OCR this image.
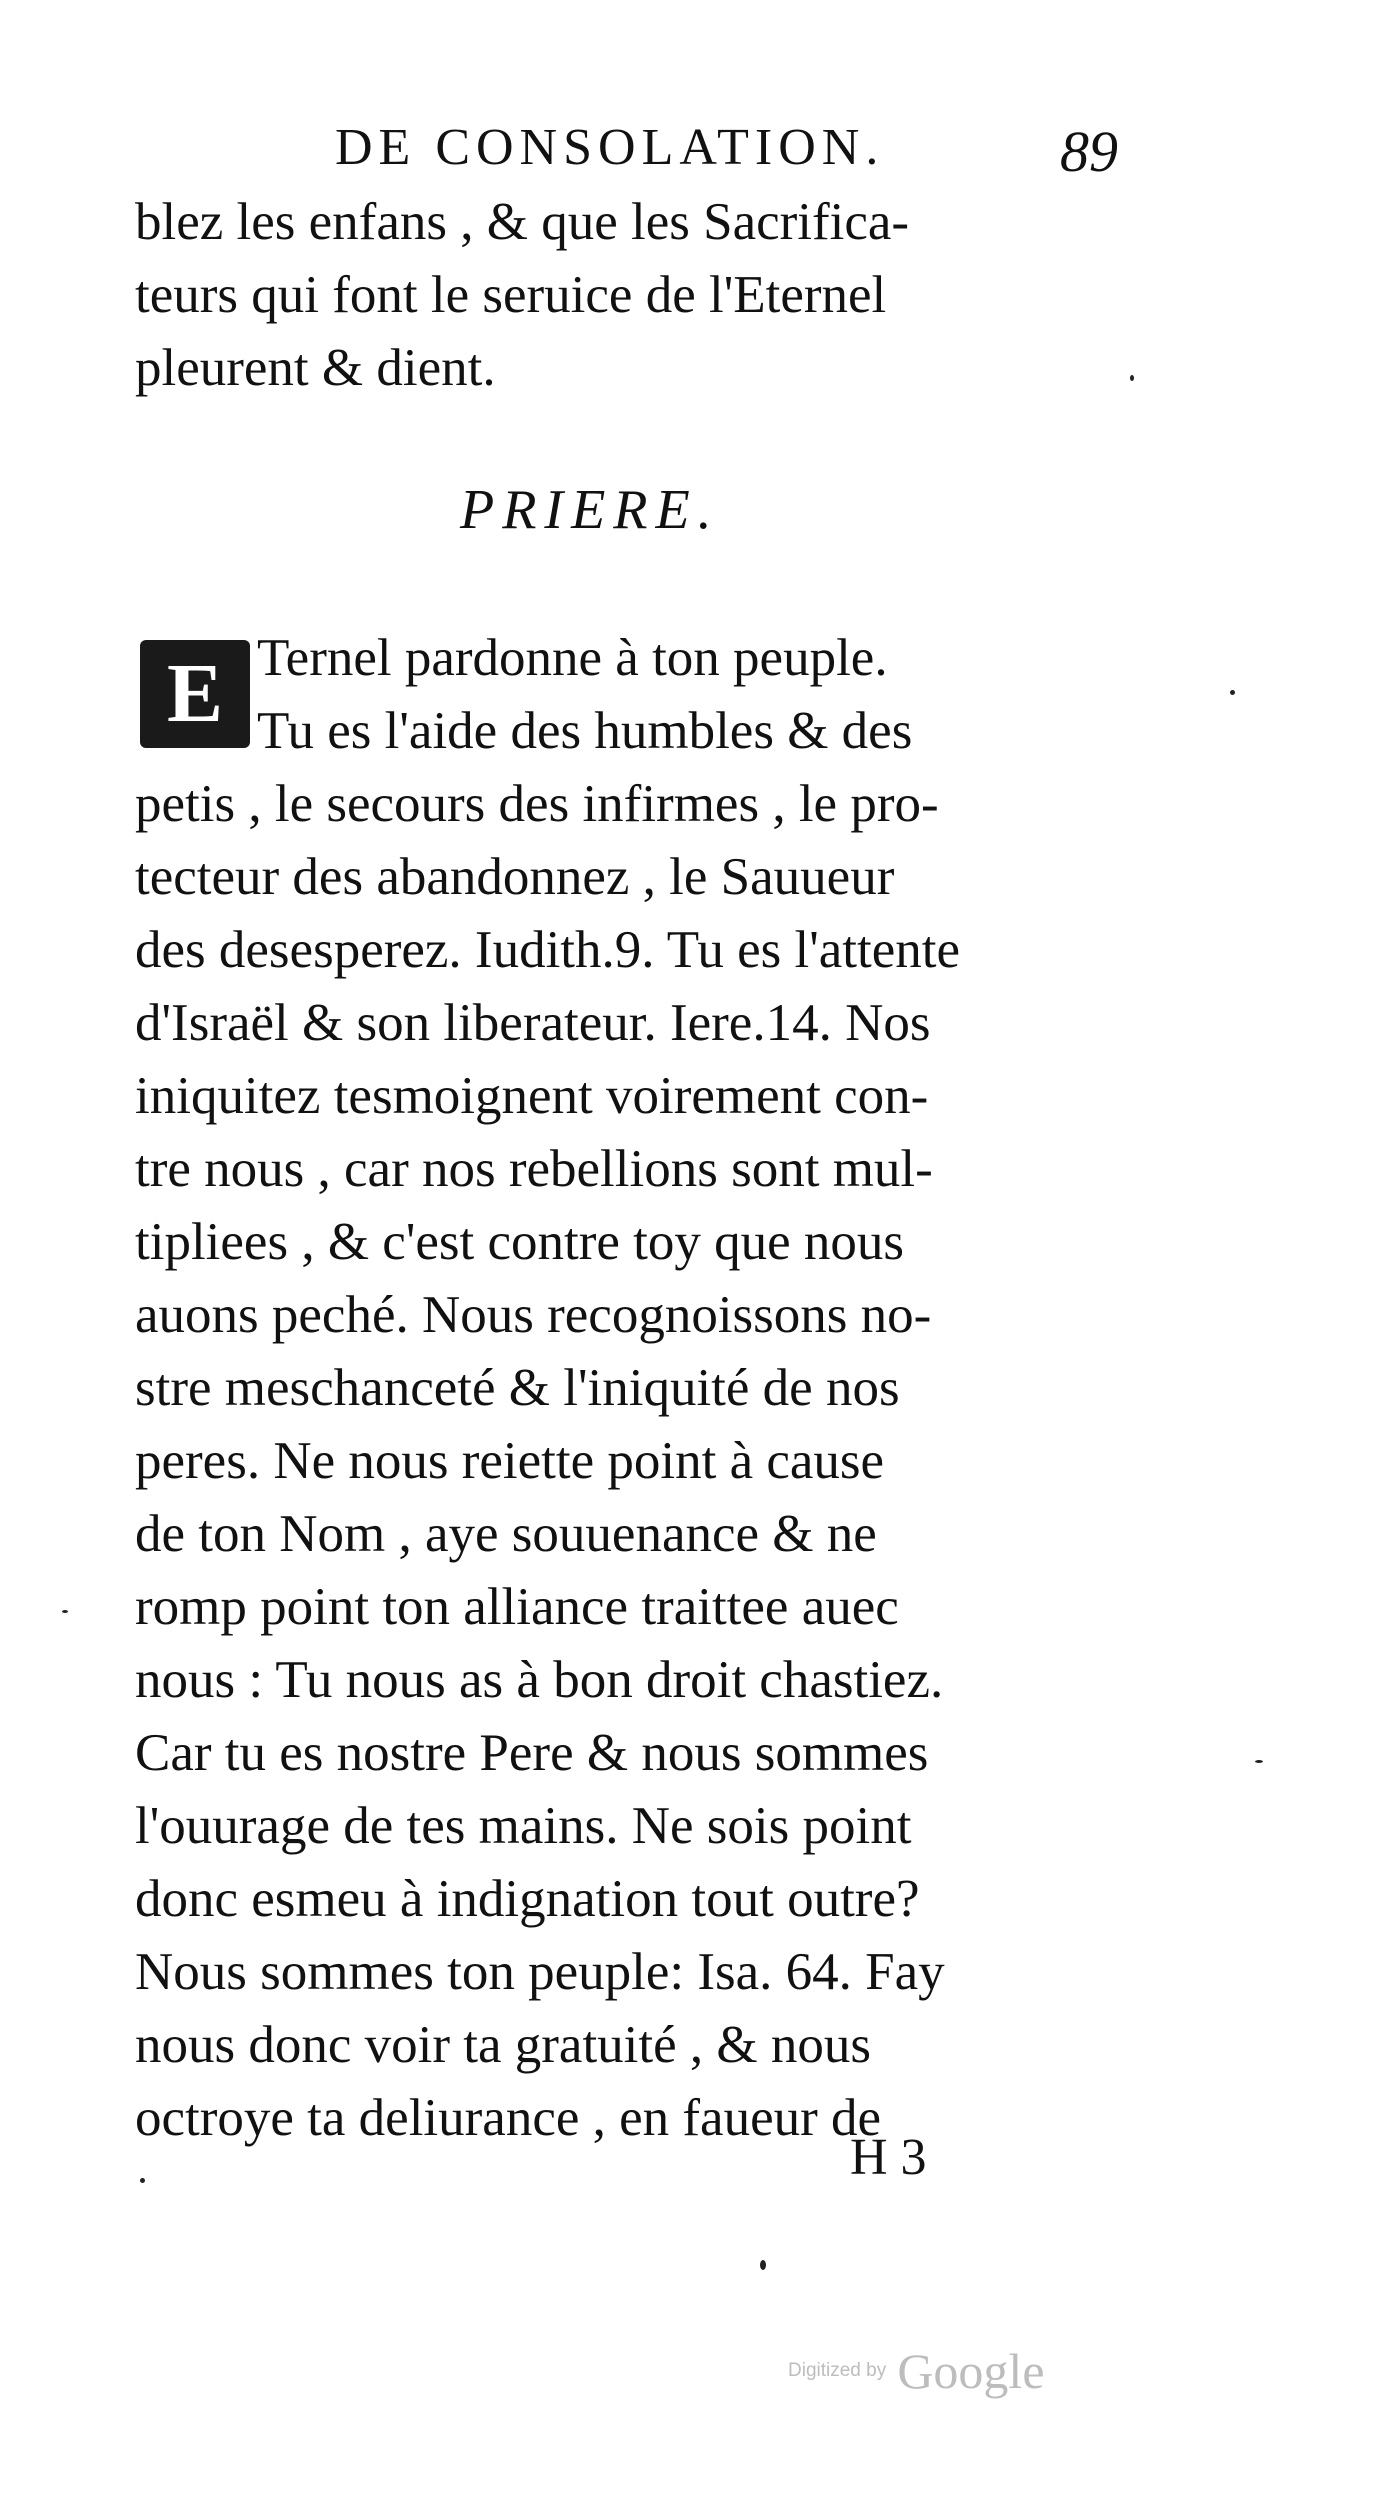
DE CONSOLATION.	89
blez les enfans , & que les Sacrifica-
teurs qui font le seruice de l'Eternel
pleurent & dient.
PRIERE.
E Ternel pardonne à ton peuple.
Tu es l'aide des humbles & des
petis , le secours des infirmes , le pro-
tecteur des abandonnez , le Sauueur
des desesperez. Iudith.9. Tu es l'attente
d'Israël & son liberateur. Iere.14. Nos
iniquitez tesmoignent voirement con-
tre nous , car nos rebellions sont mul-
tipliees , & c'est contre toy que nous
auons peché. Nous recognoissons no-
stre meschanceté & l'iniquité de nos
peres. Ne nous reiette point à cause
de ton Nom , aye souuenance & ne
romp point ton alliance traittee auec
nous : Tu nous as à bon droit chastiez.
Car tu es nostre Pere & nous sommes
l'ouurage de tes mains. Ne sois point
donc esmeu à indignation tout outre?
Nous sommes ton peuple: Isa. 64. Fay
nous donc voir ta gratuité , & nous
octroye ta deliurance , en faueur de
H 3
Digitized by Google
